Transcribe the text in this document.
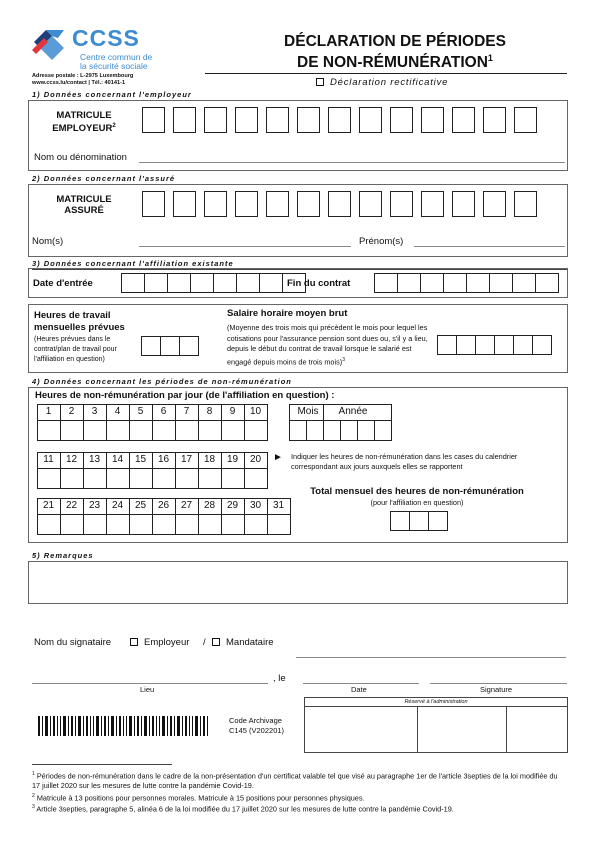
CCSS
Centre commun de
la sécurité sociale
Adresse postale : L-2975 Luxembourg
www.ccss.lu/contact | Tél.: 40141-1
DÉCLARATION DE PÉRIODES
DE NON-RÉMUNÉRATION$^1$
Déclaration rectificative
1) Données concernant l'employeur
MATRICULE
EMPLOYEUR$^2$
Nom ou dénomination
2) Données concernant l'assuré
MATRICULE
ASSURÉ
Nom(s)	Prénom(s)
3) Données concernant l'affiliation existante
Date d'entrée	Fin du contrat
Heures de travail
mensuelles prévues
(Heures prévues dans le contrat/plan de travail pour l'affiliation en question)
Salaire horaire moyen brut
(Moyenne des trois mois qui précèdent le mois pour lequel les cotisations pour l'assurance pension sont dues ou, s'il y a lieu, depuis le début du contrat de travail lorsque le salarié est engagé depuis moins de trois mois)$^3$
4) Données concernant les périodes de non-rémunération
Heures de non-rémunération par jour (de l'affiliation en question) :
1	2	3	4	5	6	7	8	9	10	Mois	Année
11	12	13	14	15	16	17	18	19	20	► Indiquer les heures de non-rémunération dans les cases du calendrier correspondant aux jours auxquels elles se rapportent
Total mensuel des heures de non-rémunération
(pour l'affiliation en question)
21	22	23	24	25	26	27	28	29	30	31
5) Remarques
Nom du signataire	Employeur /	Mandataire
, le
Lieu	Date	Signature
Code Archivage
C145 (V202201)
Réservé à l'administration
$^1$ Périodes de non-rémunération dans le cadre de la non-présentation d'un certificat valable tel que visé au paragraphe 1er de l'article 3septies de la loi modifiée du 17 juillet 2020 sur les mesures de lutte contre la pandémie Covid-19.
$^2$ Matricule à 13 positions pour personnes morales. Matricule à 15 positions pour personnes physiques.
$^3$ Article 3septies, paragraphe 5, alinéa 6 de la loi modifiée du 17 juillet 2020 sur les mesures de lutte contre la pandémie Covid-19.
